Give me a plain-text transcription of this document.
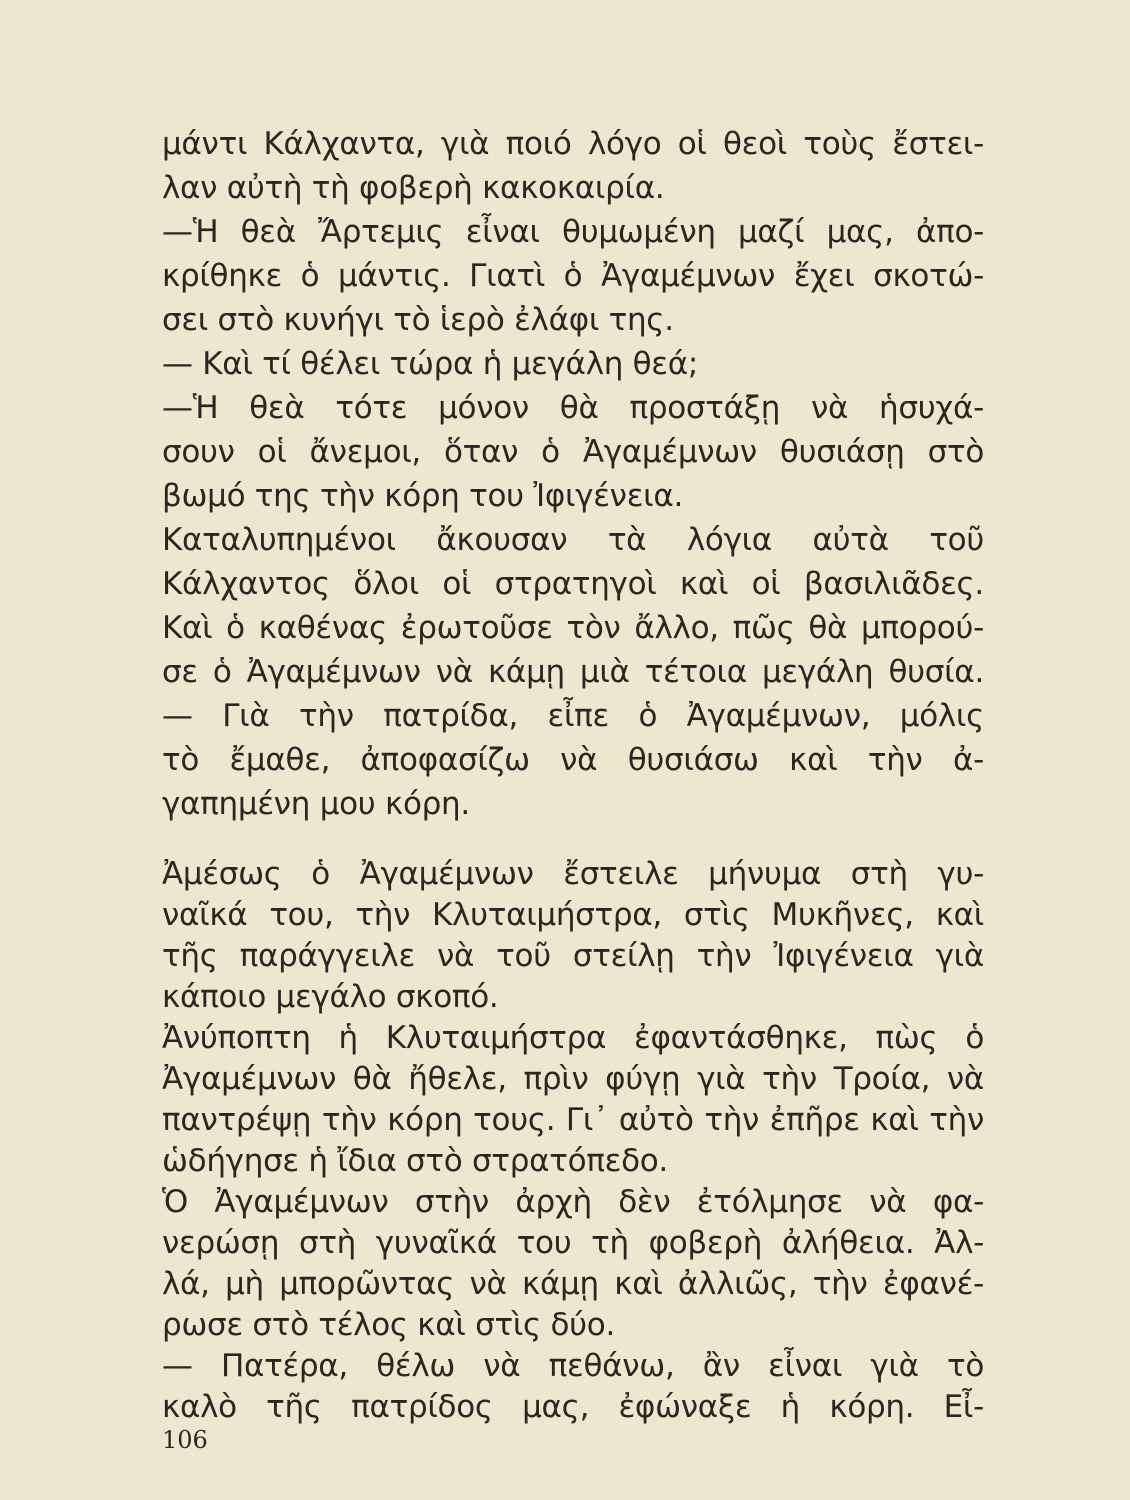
μάντι Κάλχαντα, γιὰ ποιό λόγο οἱ θεοὶ τοὺς ἔστει-
λαν αὐτὴ τὴ φοβερὴ κακοκαιρία.
—Ἡ θεὰ Ἄρτεμις εἶναι θυμωμένη μαζί μας, ἀπο-
κρίθηκε ὁ μάντις. Γιατὶ ὁ Ἀγαμέμνων ἔχει σκοτώ-
σει στὸ κυνήγι τὸ ἱερὸ ἐλάφι της.
— Καὶ τί θέλει τώρα ἡ μεγάλη θεά;
—Ἡ θεὰ τότε μόνον θὰ προστάξῃ νὰ ἡσυχά-
σουν οἱ ἄνεμοι, ὅταν ὁ Ἀγαμέμνων θυσιάσῃ στὸ
βωμό της τὴν κόρη του Ἰφιγένεια.
Καταλυπημένοι ἄκουσαν τὰ λόγια αὐτὰ τοῦ
Κάλχαντος ὅλοι οἱ στρατηγοὶ καὶ οἱ βασιλιᾶδες.
Καὶ ὁ καθένας ἐρωτοῦσε τὸν ἄλλο, πῶς θὰ μπορού-
σε ὁ Ἀγαμέμνων νὰ κάμῃ μιὰ τέτοια μεγάλη θυσία.
— Γιὰ τὴν πατρίδα, εἶπε ὁ Ἀγαμέμνων, μόλις
τὸ ἔμαθε, ἀποφασίζω νὰ θυσιάσω καὶ τὴν ἀ-
γαπημένη μου κόρη.
Ἀμέσως ὁ Ἀγαμέμνων ἔστειλε μήνυμα στὴ γυ-
ναῖκά του, τὴν Κλυταιμήστρα, στὶς Μυκῆνες, καὶ
τῆς παράγγειλε νὰ τοῦ στείλῃ τὴν Ἰφιγένεια γιὰ
κάποιο μεγάλο σκοπό.
Ἀνύποπτη ἡ Κλυταιμήστρα ἐφαντάσθηκε, πὼς ὁ
Ἀγαμέμνων θὰ ἤθελε, πρὶν φύγῃ γιὰ τὴν Τροία, νὰ
παντρέψῃ τὴν κόρη τους. Γι᾽ αὐτὸ τὴν ἐπῆρε καὶ τὴν
ὡδήγησε ἡ ἴδια στὸ στρατόπεδο.
Ὁ Ἀγαμέμνων στὴν ἀρχὴ δὲν ἐτόλμησε νὰ φα-
νερώσῃ στὴ γυναῖκά του τὴ φοβερὴ ἀλήθεια. Ἀλ-
λά, μὴ μπορῶντας νὰ κάμῃ καὶ ἀλλιῶς, τὴν ἐφανέ-
ρωσε στὸ τέλος καὶ στὶς δύο.
— Πατέρα, θέλω νὰ πεθάνω, ἂν εἶναι γιὰ τὸ
καλὸ τῆς πατρίδος μας, ἐφώναξε ἡ κόρη. Εἶ-
106
